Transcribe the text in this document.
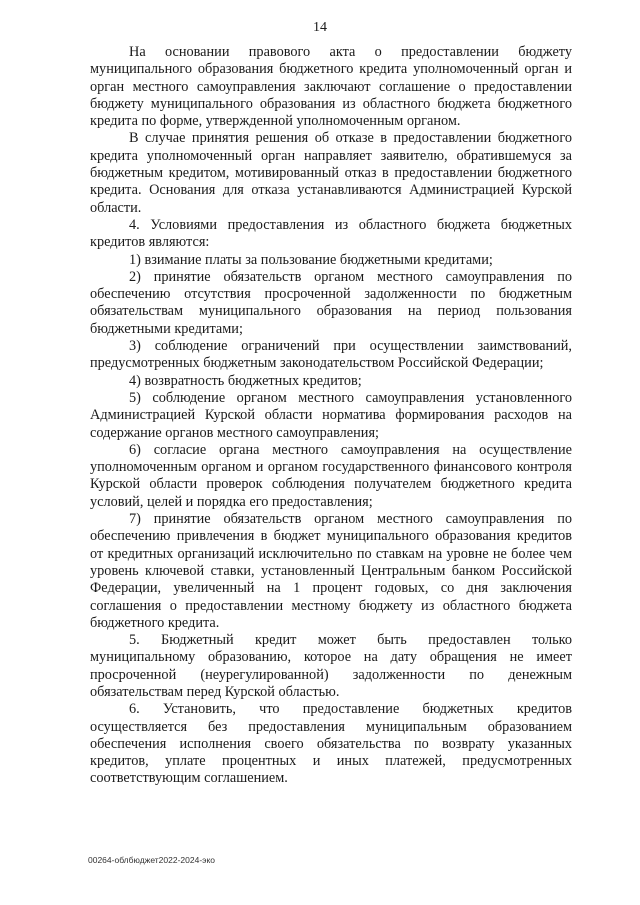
14

На основании правового акта о предоставлении бюджету муниципального образования бюджетного кредита уполномоченный орган и орган местного самоуправления заключают соглашение о предоставлении бюджету муниципального образования из областного бюджета бюджетного кредита по форме, утвержденной уполномоченным органом.

В случае принятия решения об отказе в предоставлении бюджетного кредита уполномоченный орган направляет заявителю, обратившемуся за бюджетным кредитом, мотивированный отказ в предоставлении бюджетного кредита. Основания для отказа устанавливаются Администрацией Курской области.

4. Условиями предоставления из областного бюджета бюджетных кредитов являются:

1) взимание платы за пользование бюджетными кредитами;

2) принятие обязательств органом местного самоуправления по обеспечению отсутствия просроченной задолженности по бюджетным обязательствам муниципального образования на период пользования бюджетными кредитами;

3) соблюдение ограничений при осуществлении заимствований, предусмотренных бюджетным законодательством Российской Федерации;

4) возвратность бюджетных кредитов;

5) соблюдение органом местного самоуправления установленного Администрацией Курской области норматива формирования расходов на содержание органов местного самоуправления;

6) согласие органа местного самоуправления на осуществление уполномоченным органом и органом государственного финансового контроля Курской области проверок соблюдения получателем бюджетного кредита условий, целей и порядка его предоставления;

7) принятие обязательств органом местного самоуправления по обеспечению привлечения в бюджет муниципального образования кредитов от кредитных организаций исключительно по ставкам на уровне не более чем уровень ключевой ставки, установленный Центральным банком Российской Федерации, увеличенный на 1 процент годовых, со дня заключения соглашения о предоставлении местному бюджету из областного бюджета бюджетного кредита.

5. Бюджетный кредит может быть предоставлен только муниципальному образованию, которое на дату обращения не имеет просроченной (неурегулированной) задолженности по денежным обязательствам перед Курской областью.

6. Установить, что предоставление бюджетных кредитов осуществляется без предоставления муниципальным образованием обеспечения исполнения своего обязательства по возврату указанных кредитов, уплате процентных и иных платежей, предусмотренных соответствующим соглашением.

00264-облбюджет2022-2024-эко
